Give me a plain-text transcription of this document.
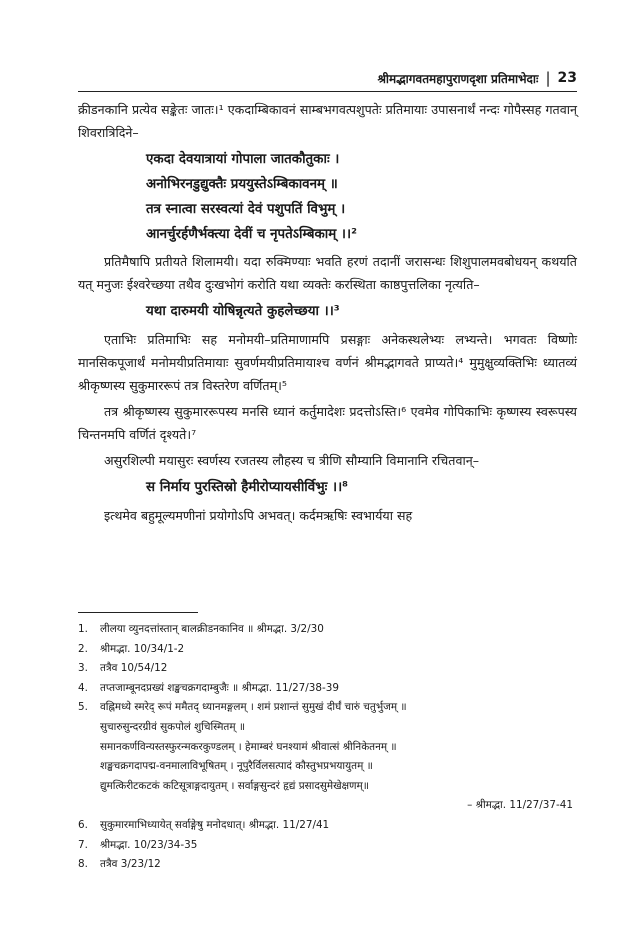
श्रीमद्भागवतमहापुराणदृशा प्रतिमाभेदाः | 23

क्रीडनकानि प्रत्येव सङ्केतः जातः।¹ एकदाम्बिकावनं साम्बभगवत्पशुपतेः प्रतिमायाः उपासनार्थं नन्दः गोपैस्सह गतवान् शिवरात्रिदिने–

एकदा देवयात्रायां गोपाला जातकौतुकाः ।
अनोभिरनडुद्युक्तैः प्रययुस्तेऽम्बिकावनम् ॥
तत्र स्नात्वा सरस्वत्यां देवं पशुपतिं विभुम् ।
आनर्चुरर्हणैर्भक्त्या देवीं च नृपतेऽम्बिकाम् ।।²

प्रतिमैषापि प्रतीयते शिलामयी। यदा रुक्मिण्याः भवति हरणं तदानीं जरासन्धः शिशुपालमवबोधयन् कथयति यत् मनुजः ईश्वरेच्छया तथैव दुःखभोगं करोति यथा व्यक्तेः करस्थिता काष्ठपुत्तलिका नृत्यति–

यथा दारुमयी योषिन्नृत्यते कुहलेच्छया ।।³

एताभिः प्रतिमाभिः सह मनोमयी–प्रतिमाणामपि प्रसङ्गाः अनेकस्थलेभ्यः लभ्यन्ते। भगवतः विष्णोः मानसिकपूजार्थं मनोमयीप्रतिमायाः सुवर्णमयीप्रतिमायाश्च वर्णनं श्रीमद्भागवते प्राप्यते।⁴ मुमुक्षुव्यक्तिभिः ध्यातव्यं श्रीकृष्णस्य सुकुमाररूपं तत्र विस्तरेण वर्णितम्।⁵

तत्र श्रीकृष्णस्य सुकुमाररूपस्य मनसि ध्यानं कर्तुमादेशः प्रदत्तोऽस्ति।⁶ एवमेव गोपिकाभिः कृष्णस्य स्वरूपस्य चिन्तनमपि वर्णितं दृश्यते।⁷

असुरशिल्पी मयासुरः स्वर्णस्य रजतस्य लौहस्य च त्रीणि सौम्यानि विमानानि रचितवान्–

स निर्माय पुरस्तिस्रो हैमीरोप्यायसीर्विभुः ।।⁸

इत्थमेव बहुमूल्यमणीनां प्रयोगोऽपि अभवत्। कर्दमऋषिः स्वभार्यया सह

1.	लीलया व्युनदत्तांस्तान् बालक्रीडनकानिव ॥ श्रीमद्भा. 3/2/30
2.	श्रीमद्भा. 10/34/1-2
3.	तत्रैव 10/54/12
4.	तप्तजाम्बूनदप्रख्यं शङ्खचक्रगदाम्बुजैः ॥ श्रीमद्भा. 11/27/38-39
5.	वह्निमध्ये स्मरेद् रूपं ममैतद् ध्यानमङ्गलम् । शमं प्रशान्तं सुमुखं दीर्घं चारुं चतुर्भुजम् ॥
सुचारुसुन्दरग्रीवं सुकपोलं शुचिस्मितम् ॥
समानकर्णविन्यस्तस्फुरन्मकरकुण्डलम् । हेमाम्बरं घनश्यामं श्रीवात्सं श्रीनिकेतनम् ॥
शङ्खचक्रगदापद्म-वनमालाविभूषितम् । नूपुरैर्विलसत्पादं कौस्तुभप्रभयायुतम् ॥
द्युमत्किरीटकटकं कटिसूत्राङ्गदायुतम् । सर्वाङ्गसुन्दरं हृद्यं प्रसादसुमेखेक्षणम्॥
– श्रीमद्भा. 11/27/37-41
6.	सुकुमारमाभिध्यायेत् सर्वाङ्गेषु मनोदधात्। श्रीमद्भा. 11/27/41
7.	श्रीमद्भा. 10/23/34-35
8.	तत्रैव 3/23/12
